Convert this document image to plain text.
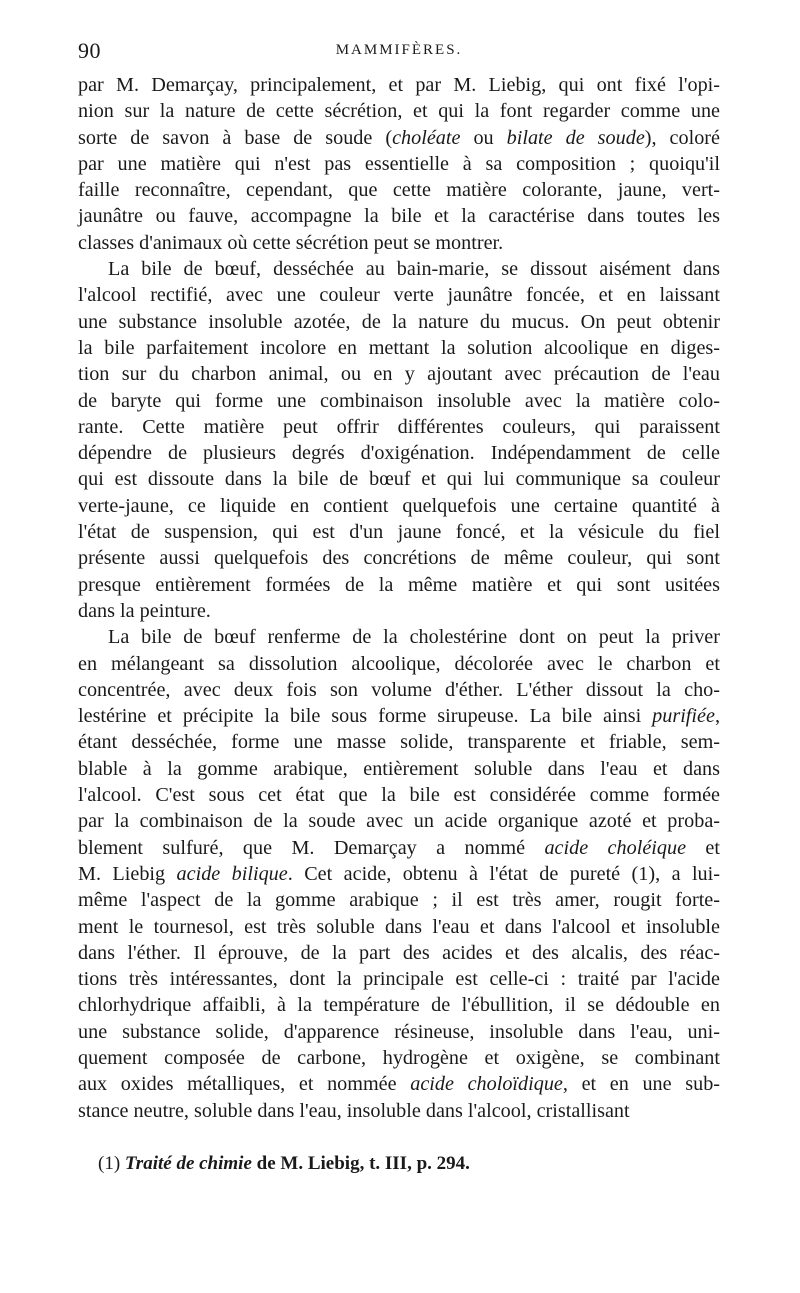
90	MAMMIFÈRES.

par M. Demarçay, principalement, et par M. Liebig, qui ont fixé l'opi-
nion sur la nature de cette sécrétion, et qui la font regarder comme une
sorte de savon à base de soude (choléate ou bilate de soude), coloré
par une matière qui n'est pas essentielle à sa composition ; quoiqu'il
faille reconnaître, cependant, que cette matière colorante, jaune, vert-
jaunâtre ou fauve, accompagne la bile et la caractérise dans toutes les
classes d'animaux où cette sécrétion peut se montrer.

La bile de bœuf, desséchée au bain-marie, se dissout aisément dans
l'alcool rectifié, avec une couleur verte jaunâtre foncée, et en laissant
une substance insoluble azotée, de la nature du mucus. On peut obtenir
la bile parfaitement incolore en mettant la solution alcoolique en diges-
tion sur du charbon animal, ou en y ajoutant avec précaution de l'eau
de baryte qui forme une combinaison insoluble avec la matière colo-
rante. Cette matière peut offrir différentes couleurs, qui paraissent
dépendre de plusieurs degrés d'oxigénation. Indépendamment de celle
qui est dissoute dans la bile de bœuf et qui lui communique sa couleur
verte-jaune, ce liquide en contient quelquefois une certaine quantité à
l'état de suspension, qui est d'un jaune foncé, et la vésicule du fiel
présente aussi quelquefois des concrétions de même couleur, qui sont
presque entièrement formées de la même matière et qui sont usitées
dans la peinture.

La bile de bœuf renferme de la cholestérine dont on peut la priver
en mélangeant sa dissolution alcoolique, décolorée avec le charbon et
concentrée, avec deux fois son volume d'éther. L'éther dissout la cho-
lestérine et précipite la bile sous forme sirupeuse. La bile ainsi purifiée,
étant desséchée, forme une masse solide, transparente et friable, sem-
blable à la gomme arabique, entièrement soluble dans l'eau et dans
l'alcool. C'est sous cet état que la bile est considérée comme formée
par la combinaison de la soude avec un acide organique azoté et proba-
blement sulfuré, que M. Demarçay a nommé acide choléique et
M. Liebig acide bilique. Cet acide, obtenu à l'état de pureté (1), a lui-
même l'aspect de la gomme arabique ; il est très amer, rougit forte-
ment le tournesol, est très soluble dans l'eau et dans l'alcool et insoluble
dans l'éther. Il éprouve, de la part des acides et des alcalis, des réac-
tions très intéressantes, dont la principale est celle-ci : traité par l'acide
chlorhydrique affaibli, à la température de l'ébullition, il se dédouble en
une substance solide, d'apparence résineuse, insoluble dans l'eau, uni-
quement composée de carbone, hydrogène et oxigène, se combinant
aux oxides métalliques, et nommée acide choloïdique, et en une sub-
stance neutre, soluble dans l'eau, insoluble dans l'alcool, cristallisant

(1) Traité de chimie de M. Liebig, t. III, p. 294.
